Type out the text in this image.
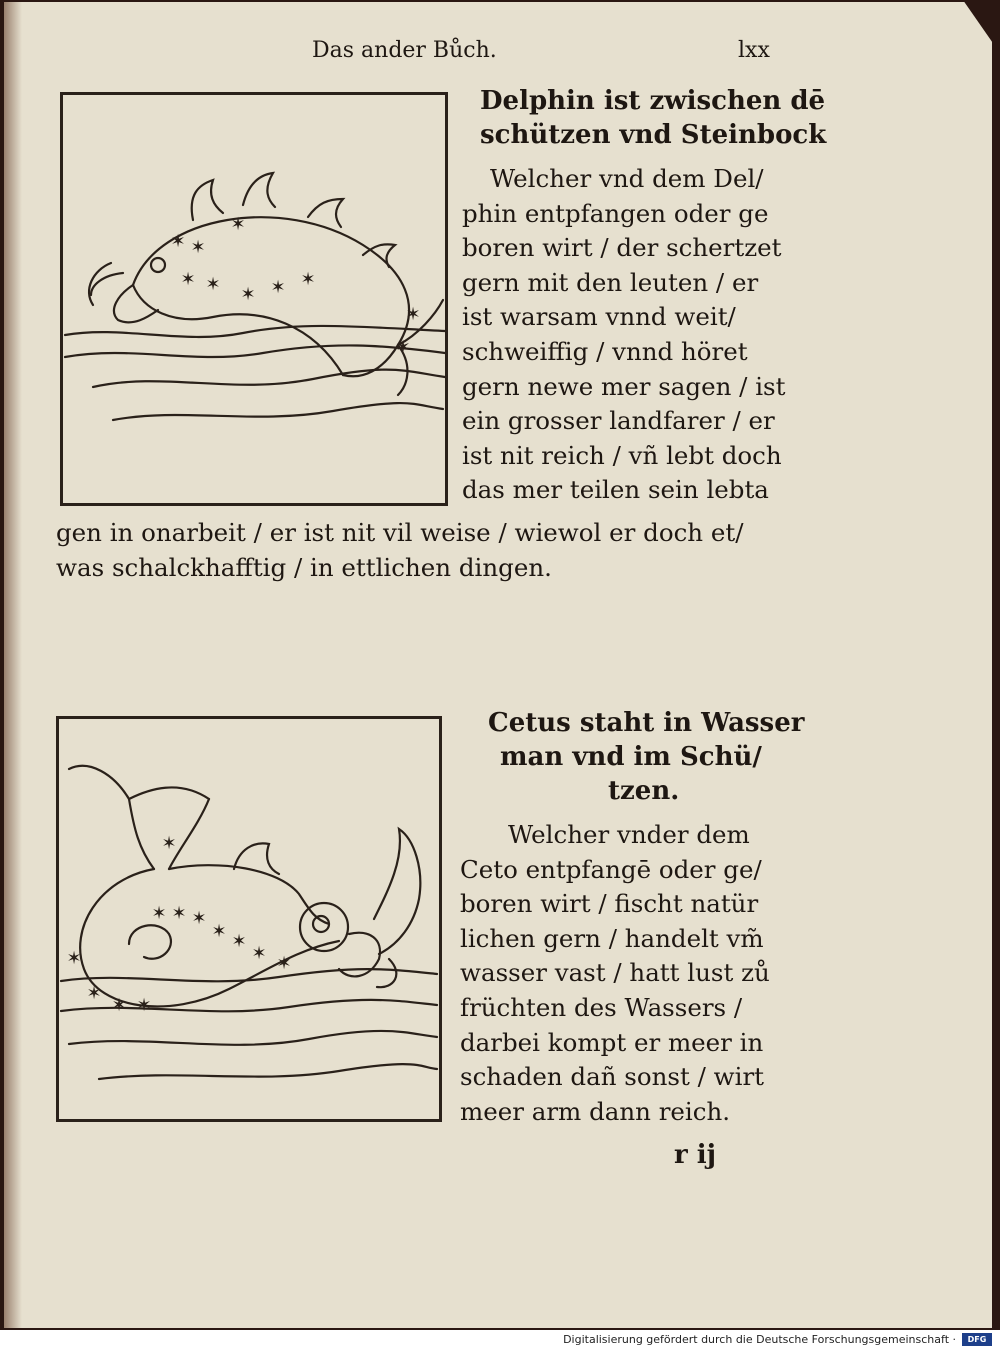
Das ander Bůch.	lxx
✶ ✶
✶
✶ ✶ ✶ ✶ ✶
✶
✶
Delphin ist zwischen dē
schützen vnd Steinbock
Welcher vnd dem Del/
phin entpfangen oder ge
boren wirt / der schertzet
gern mit den leuten / er
ist warsam vnnd weit/
schweiffig / vnnd höret
gern newe mer sagen / ist
ein grosser landfarer / er
ist nit reich / vñ lebt doch
das mer teilen sein lebta
gen in onarbeit / er ist nit vil weise / wiewol er doch et/
was schalckhafftig / in ettlichen dingen.
✶
✶ ✶ ✶
✶ ✶
✶ ✶
✶
✶
✶ ✶
Cetus staht in Wasser
man vnd im Schü/
tzen.
Welcher vnder dem
Ceto entpfangē oder ge/
boren wirt / fischt natür
lichen gern / handelt vm̃
wasser vast / hatt lust zů
früchten des Wassers /
darbei kompt er meer in
schaden dañ sonst / wirt
meer arm dann reich.
r ij
Digitalisierung gefördert durch die Deutsche Forschungsgemeinschaft ·	DFG
